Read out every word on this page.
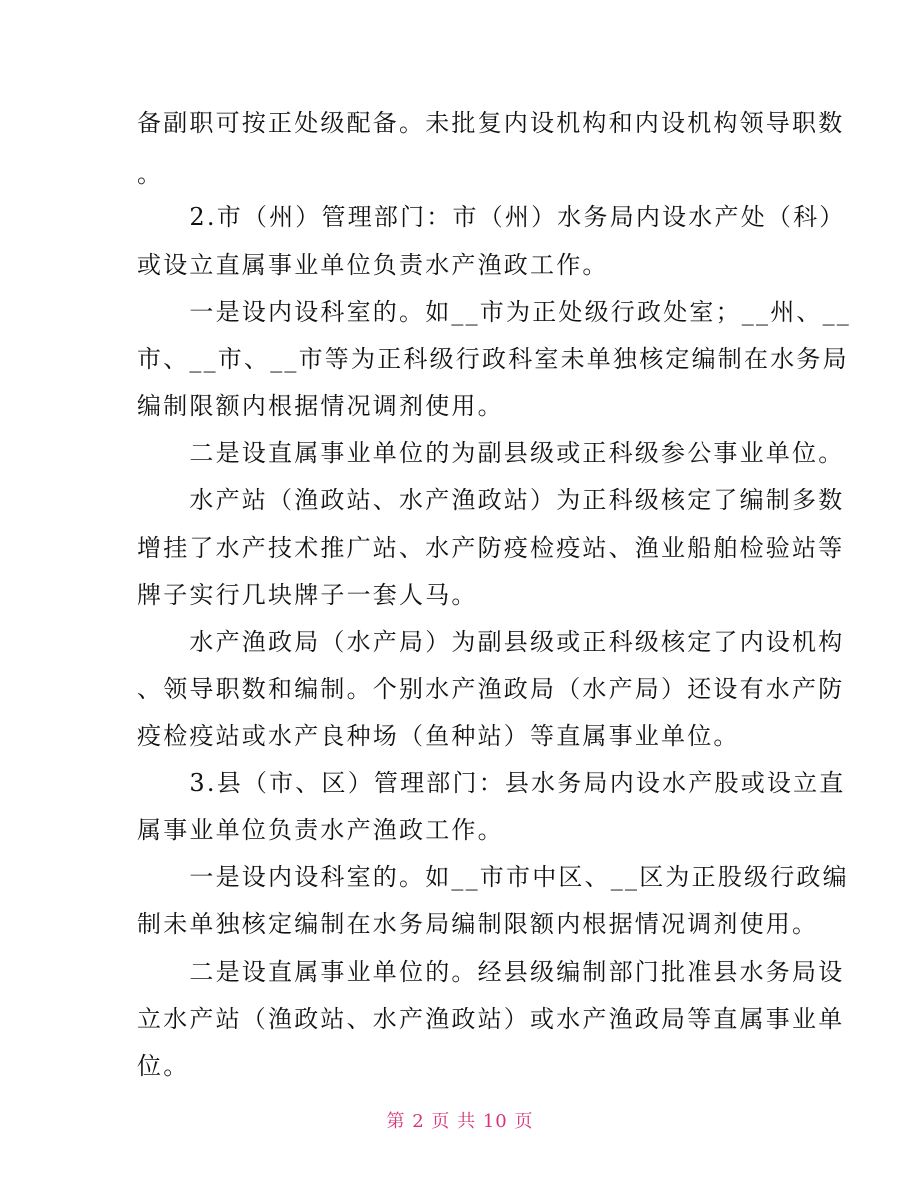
备副职可按正处级配备。未批复内设机构和内设机构领导职数
。
　　2.市（州）管理部门：市（州）水务局内设水产处（科）
或设立直属事业单位负责水产渔政工作。
　　一是设内设科室的。如__市为正处级行政处室；__州、__
市、__市、__市等为正科级行政科室未单独核定编制在水务局
编制限额内根据情况调剂使用。
　　二是设直属事业单位的为副县级或正科级参公事业单位。
　　水产站（渔政站、水产渔政站）为正科级核定了编制多数
增挂了水产技术推广站、水产防疫检疫站、渔业船舶检验站等
牌子实行几块牌子一套人马。
　　水产渔政局（水产局）为副县级或正科级核定了内设机构
、领导职数和编制。个别水产渔政局（水产局）还设有水产防
疫检疫站或水产良种场（鱼种站）等直属事业单位。
　　3.县（市、区）管理部门：县水务局内设水产股或设立直
属事业单位负责水产渔政工作。
　　一是设内设科室的。如__市市中区、__区为正股级行政编
制未单独核定编制在水务局编制限额内根据情况调剂使用。
　　二是设直属事业单位的。经县级编制部门批准县水务局设
立水产站（渔政站、水产渔政站）或水产渔政局等直属事业单
位。
第 2 页 共 10 页
